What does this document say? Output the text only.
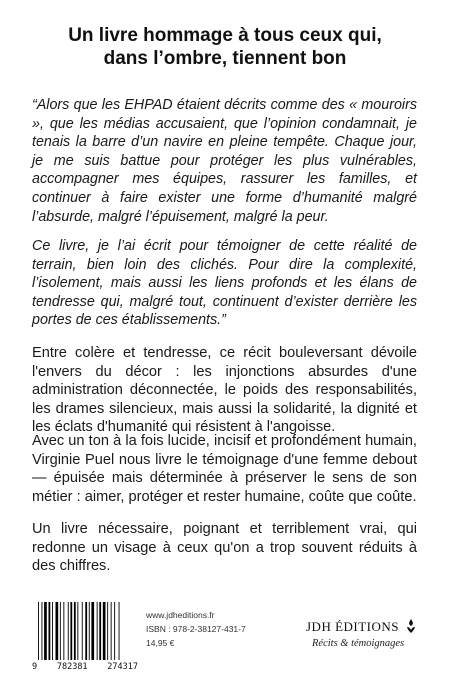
Un livre hommage à tous ceux qui,
dans l’ombre, tiennent bon
“Alors que les EHPAD étaient décrits comme des « mouroirs », que les médias accusaient, que l’opinion condamnait, je tenais la barre d’un navire en pleine tempête. Chaque jour, je me suis battue pour protéger les plus vulnérables, accompagner mes équipes, rassurer les familles, et continuer à faire exister une forme d’humanité malgré l’absurde, malgré l’épuisement, malgré la peur.
Ce livre, je l’ai écrit pour témoigner de cette réalité de terrain, bien loin des clichés. Pour dire la complexité, l’isolement, mais aussi les liens profonds et les élans de tendresse qui, malgré tout, continuent d’exister derrière les portes de ces établissements.”
Entre colère et tendresse, ce récit bouleversant dévoile l'envers du décor : les injonctions absurdes d'une administration déconnectée, le poids des responsabilités, les drames silencieux, mais aussi la solidarité, la dignité et les éclats d'humanité qui résistent à l'angoisse.
Avec un ton à la fois lucide, incisif et profondément humain, Virginie Puel nous livre le témoignage d'une femme debout — épuisée mais déterminée à préserver le sens de son métier : aimer, protéger et rester humaine, coûte que coûte.
Un livre nécessaire, poignant et terriblement vrai, qui redonne un visage à ceux qu'on a trop souvent réduits à des chiffres.
9 782381 274317
www.jdheditions.fr
ISBN : 978-2-38127-431-7
14,95 €
JDH ÉDITIONS
Récits & témoignages
